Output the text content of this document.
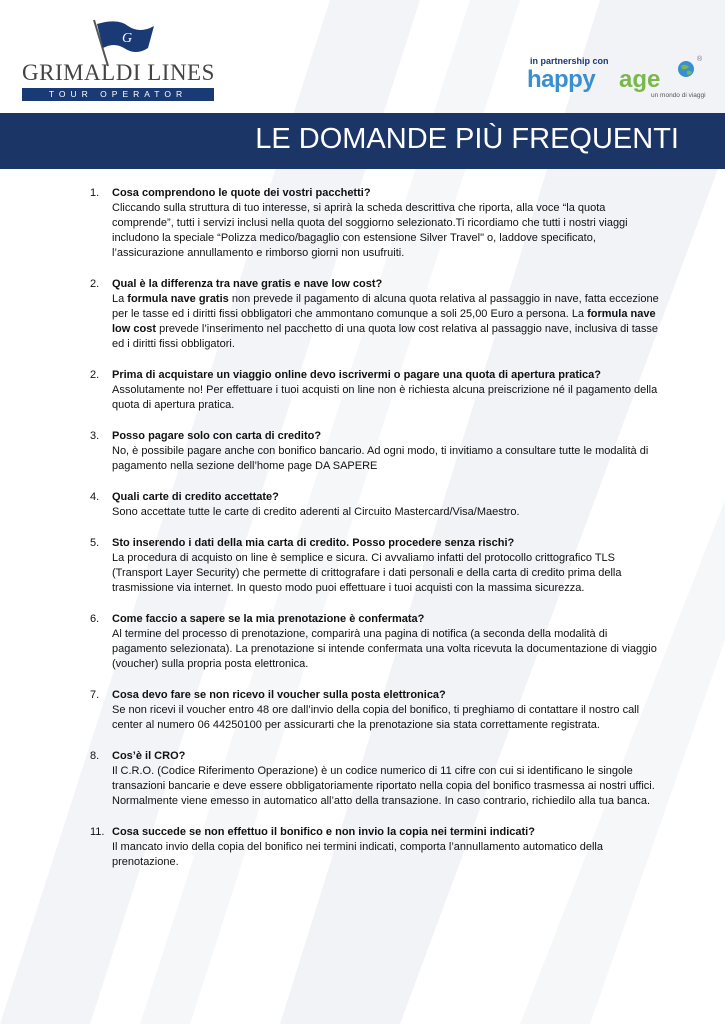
G
GRIMALDI LINES
TOUR OPERATOR
in partnership con
happy age
®
un mondo di viaggi
LE DOMANDE PIÙ FREQUENTI
1. Cosa comprendono le quote dei vostri pacchetti?
Cliccando sulla struttura di tuo interesse, si aprirà la scheda descrittiva che riporta, alla voce “la quota comprende”, tutti i servizi inclusi nella quota del soggiorno selezionato.Ti ricordiamo che tutti i nostri viaggi includono la speciale “Polizza medico/bagaglio con estensione Silver Travel" o, laddove specificato, l’assicurazione annullamento e rimborso giorni non usufruiti.
2. Qual è la differenza tra nave gratis e nave low cost?
La formula nave gratis non prevede il pagamento di alcuna quota relativa al passaggio in nave, fatta eccezione per le tasse ed i diritti fissi obbligatori che ammontano comunque a soli 25,00 Euro a persona. La formula nave low cost prevede l’inserimento nel pacchetto di una quota low cost relativa al passaggio nave, inclusiva di tasse ed i diritti fissi obbligatori.
2. Prima di acquistare un viaggio online devo iscrivermi o pagare una quota di apertura pratica?
Assolutamente no! Per effettuare i tuoi acquisti on line non è richiesta alcuna preiscrizione né il pagamento della quota di apertura pratica.
3. Posso pagare solo con carta di credito?
No, è possibile pagare anche con bonifico bancario. Ad ogni modo, ti invitiamo a consultare tutte le modalità di pagamento nella sezione dell’home page DA SAPERE
4. Quali carte di credito accettate?
Sono accettate tutte le carte di credito aderenti al Circuito Mastercard/Visa/Maestro.
5. Sto inserendo i dati della mia carta di credito. Posso procedere senza rischi?
La procedura di acquisto on line è semplice e sicura. Ci avvaliamo infatti del protocollo crittografico TLS (Transport Layer Security) che permette di crittografare i dati personali e della carta di credito prima della trasmissione via internet. In questo modo puoi effettuare i tuoi acquisti con la massima sicurezza.
6. Come faccio a sapere se la mia prenotazione è confermata?
Al termine del processo di prenotazione, comparirà una pagina di notifica (a seconda della modalità di pagamento selezionata). La prenotazione si intende confermata una volta ricevuta la documentazione di viaggio (voucher) sulla propria posta elettronica.
7. Cosa devo fare se non ricevo il voucher sulla posta elettronica?
Se non ricevi il voucher entro 48 ore dall’invio della copia del bonifico, ti preghiamo di contattare il nostro call center al numero 06 44250100 per assicurarti che la prenotazione sia stata correttamente registrata.
8. Cos’è il CRO?
Il C.R.O. (Codice Riferimento Operazione) è un codice numerico di 11 cifre con cui si identificano le singole transazioni bancarie e deve essere obbligatoriamente riportato nella copia del bonifico trasmessa ai nostri uffici. Normalmente viene emesso in automatico all’atto della transazione. In caso contrario, richiedilo alla tua banca.
11. Cosa succede se non effettuo il bonifico e non invio la copia nei termini indicati?
Il mancato invio della copia del bonifico nei termini indicati, comporta l’annullamento automatico della prenotazione.
